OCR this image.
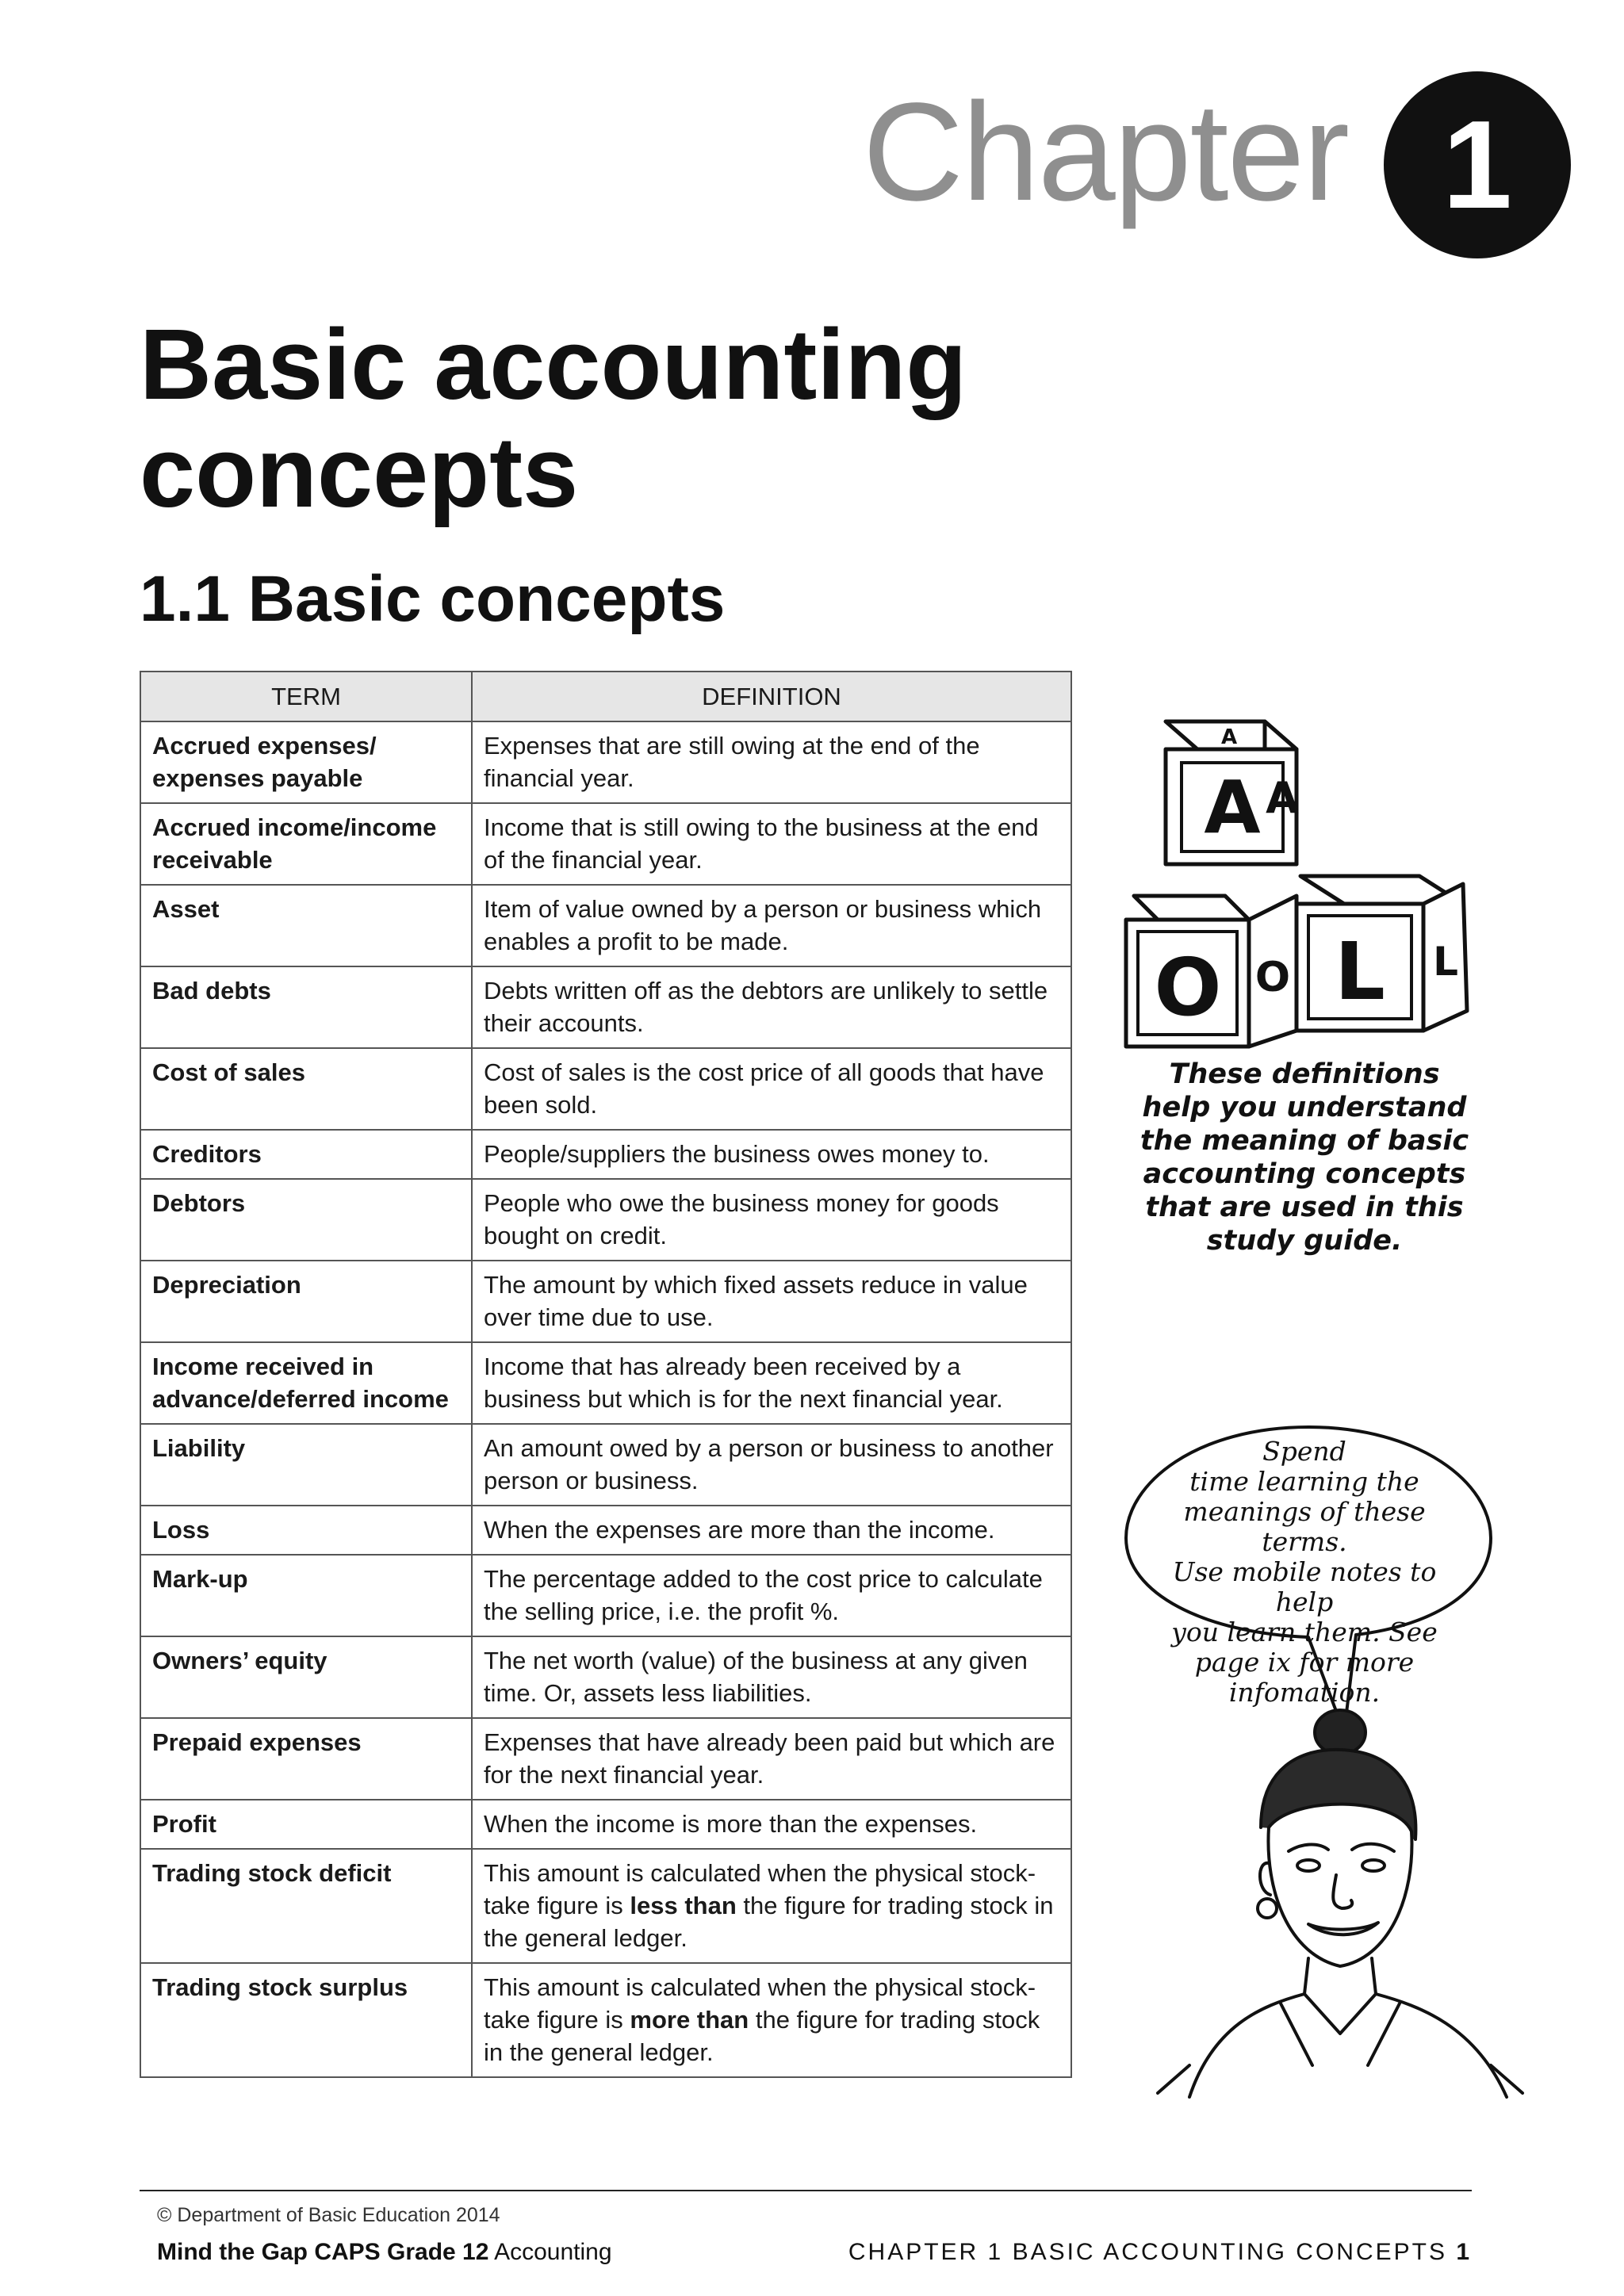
Chapter 1
Basic accounting concepts
1.1 Basic concepts
TERM	DEFINITION
Accrued expenses/ expenses payable	Expenses that are still owing at the end of the financial year.
Accrued income/income receivable	Income that is still owing to the business at the end of the financial year.
Asset	Item of value owned by a person or business which enables a profit to be made.
Bad debts	Debts written off as the debtors are unlikely to settle their accounts.
Cost of sales	Cost of sales is the cost price of all goods that have been sold.
Creditors	People/suppliers the business owes money to.
Debtors	People who owe the business money for goods bought on credit.
Depreciation	The amount by which fixed assets reduce in value over time due to use.
Income received in advance/deferred income	Income that has already been received by a business but which is for the next financial year.
Liability	An amount owed by a person or business to another person or business.
Loss	When the expenses are more than the income.
Mark-up	The percentage added to the cost price to calculate the selling price, i.e. the profit %.
Owners’ equity	The net worth (value) of the business at any given time. Or, assets less liabilities.
Prepaid expenses	Expenses that have already been paid but which are for the next financial year.
Profit	When the income is more than the expenses.
Trading stock deficit	This amount is calculated when the physical stock-take figure is less than the figure for trading stock in the general ledger.
Trading stock surplus	This amount is calculated when the physical stock-take figure is more than the figure for trading stock in the general ledger.
A A
A
O O L L
These definitions help you understand the meaning of basic accounting concepts that are used in this study guide.
Spend
time learning the
meanings of these terms.
Use mobile notes to help
you learn them. See
page ix for more
infomation.
© Department of Basic Education 2014
Mind the Gap CAPS Grade 12 Accounting	CHAPTER 1 BASIC ACCOUNTING CONCEPTS 1
